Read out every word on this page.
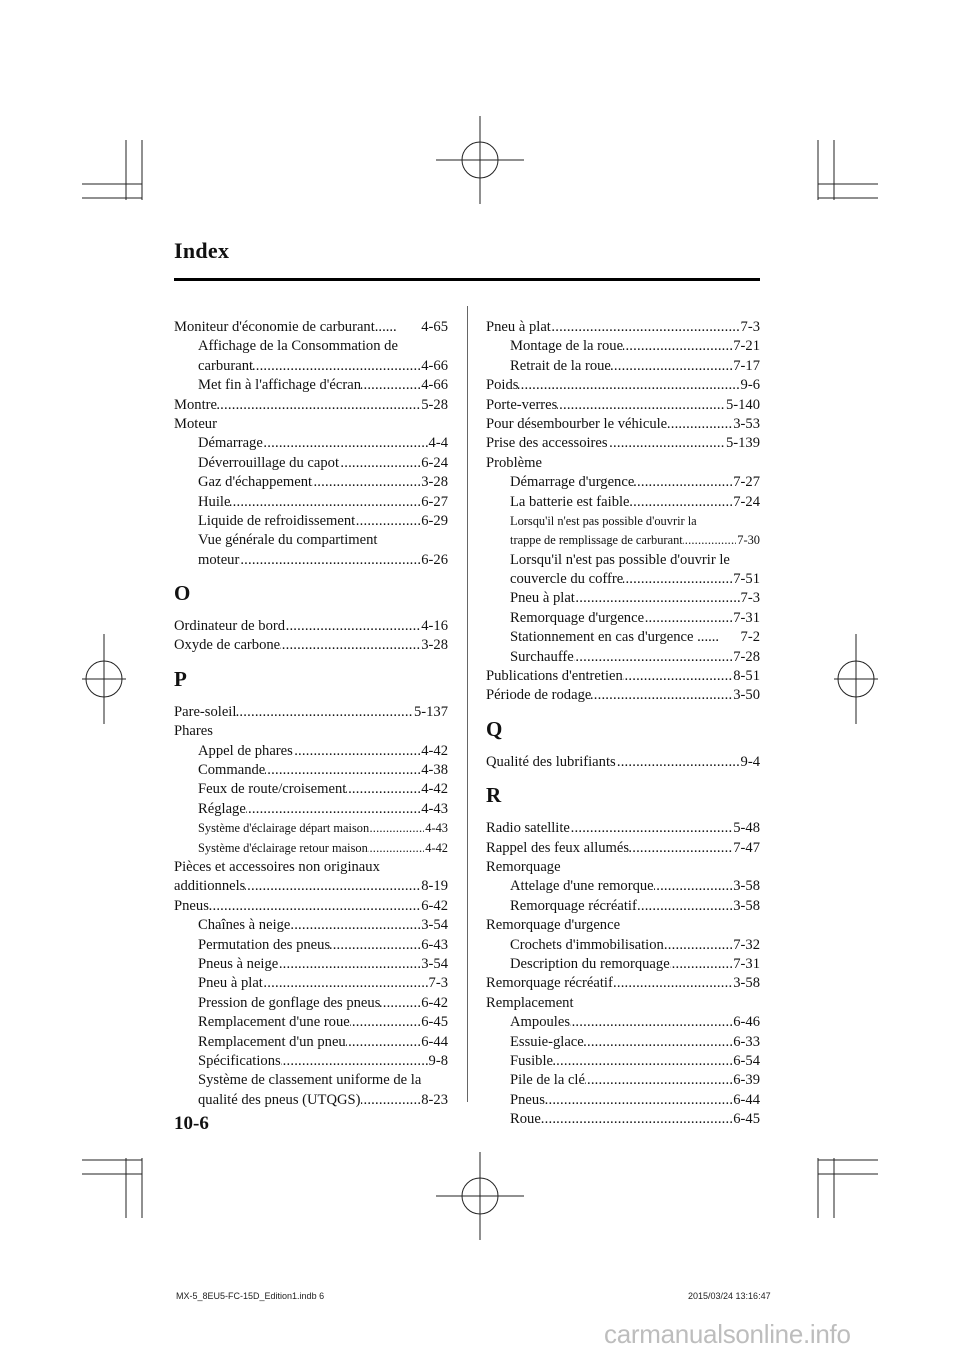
Index
Moniteur d'économie de carburant...... 4-65
Affichage de la Consommation de
carburant	4-66
.....
Met fin à l'affichage d'écran	4-66
.....
Montre	5-28
.....
Moteur
Démarrage	4-4
.....
Déverrouillage du capot	6-24
.....
Gaz d'échappement	3-28
.....
Huile	6-27
.....
Liquide de refroidissement	6-29
.....
Vue générale du compartiment
moteur	6-26
.....
O
Ordinateur de bord	4-16
.....
Oxyde de carbone	3-28
.....
P
Pare-soleil	5-137
.....
Phares
Appel de phares	4-42
.....
Commande	4-38
.....
Feux de route/croisement	4-42
.....
Réglage	4-43
.....
Système d'éclairage départ maison	4-43
.....
Système d'éclairage retour maison	4-42
.....
Pièces et accessoires non originaux
additionnels	8-19
.....
Pneus	6-42
.....
Chaînes à neige	3-54
.....
Permutation des pneus	6-43
.....
Pneus à neige	3-54
.....
Pneu à plat	7-3
.....
Pression de gonflage des pneus	6-42
.....
Remplacement d'une roue	6-45
.....
Remplacement d'un pneu	6-44
.....
Spécifications	9-8
.....
Système de classement uniforme de la
qualité des pneus (UTQGS)	8-23
.....
Pneu à plat	7-3
.....
Montage de la roue	7-21
.....
Retrait de la roue	7-17
.....
Poids	9-6
.....
Porte-verres	5-140
.....
Pour désembourber le véhicule	3-53
.....
Prise des accessoires	5-139
.....
Problème
Démarrage d'urgence	7-27
.....
La batterie est faible	7-24
.....
Lorsqu'il n'est pas possible d'ouvrir la
trappe de remplissage de carburant	7-30
.....
Lorsqu'il n'est pas possible d'ouvrir le
couvercle du coffre	7-51
.....
Pneu à plat	7-3
.....
Remorquage d'urgence	7-31
.....
Stationnement en cas d'urgence ...... 7-2
Surchauffe	7-28
.....
Publications d'entretien	8-51
.....
Période de rodage	3-50
.....
Q
Qualité des lubrifiants	9-4
.....
R
Radio satellite	5-48
.....
Rappel des feux allumés	7-47
.....
Remorquage
Attelage d'une remorque	3-58
.....
Remorquage récréatif	3-58
.....
Remorquage d'urgence
Crochets d'immobilisation	7-32
.....
Description du remorquage	7-31
.....
Remorquage récréatif	3-58
.....
Remplacement
Ampoules	6-46
.....
Essuie-glace	6-33
.....
Fusible	6-54
.....
Pile de la clé	6-39
.....
Pneus	6-44
.....
Roue	6-45
.....
10-6
MX-5_8EU5-FC-15D_Edition1.indb 6	2015/03/24 13:16:47
carmanualsonline.info
